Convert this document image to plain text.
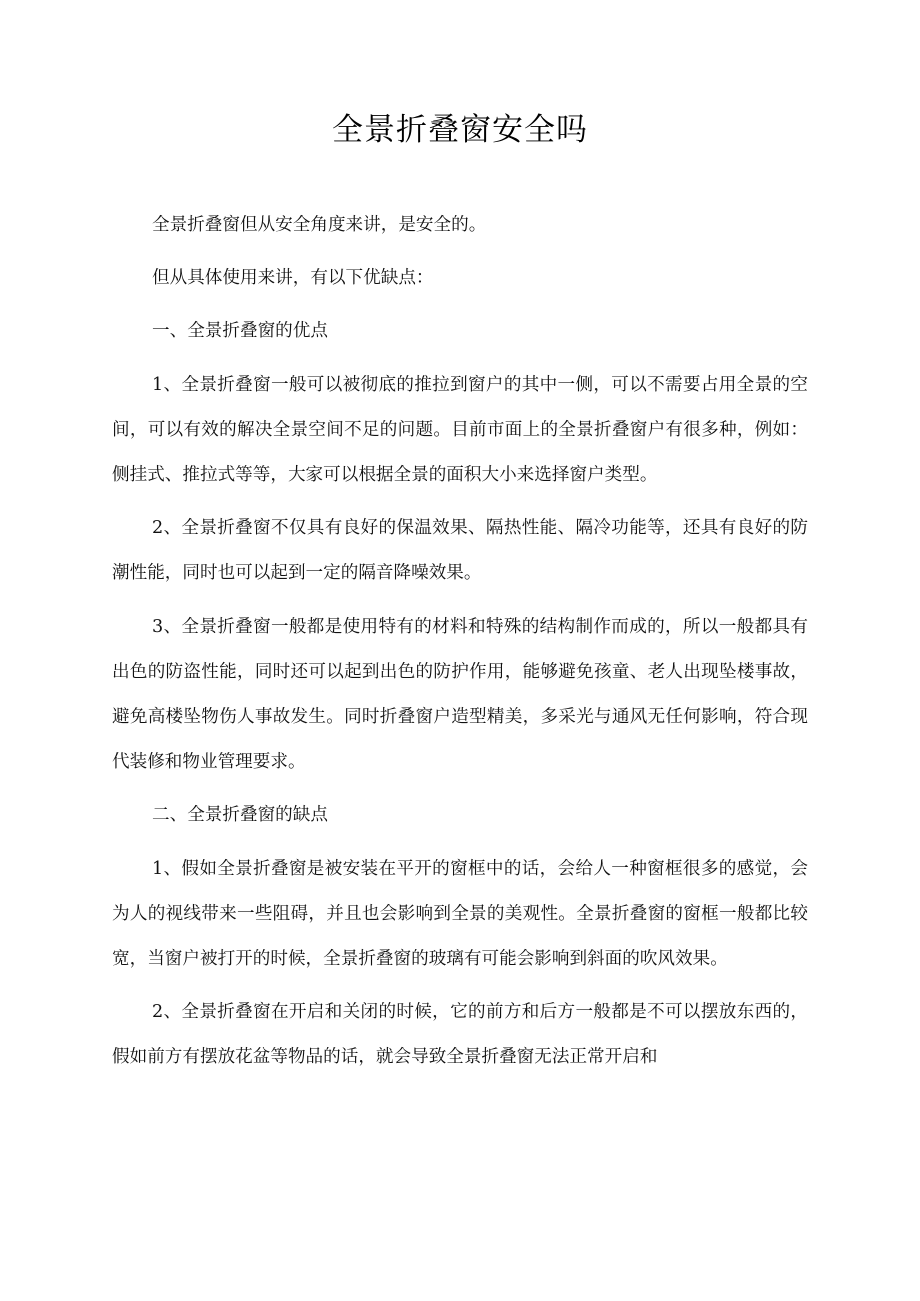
全景折叠窗安全吗

全景折叠窗但从安全角度来讲，是安全的。

但从具体使用来讲，有以下优缺点：

一、全景折叠窗的优点

1、全景折叠窗一般可以被彻底的推拉到窗户的其中一侧，可以不需要占用全景的空间，可以有效的解决全景空间不足的问题。目前市面上的全景折叠窗户有很多种，例如：侧挂式、推拉式等等，大家可以根据全景的面积大小来选择窗户类型。

2、全景折叠窗不仅具有良好的保温效果、隔热性能、隔冷功能等，还具有良好的防潮性能，同时也可以起到一定的隔音降噪效果。

3、全景折叠窗一般都是使用特有的材料和特殊的结构制作而成的，所以一般都具有出色的防盗性能，同时还可以起到出色的防护作用，能够避免孩童、老人出现坠楼事故，避免高楼坠物伤人事故发生。同时折叠窗户造型精美，多采光与通风无任何影响，符合现代装修和物业管理要求。

二、全景折叠窗的缺点

1、假如全景折叠窗是被安装在平开的窗框中的话，会给人一种窗框很多的感觉，会为人的视线带来一些阻碍，并且也会影响到全景的美观性。全景折叠窗的窗框一般都比较宽，当窗户被打开的时候，全景折叠窗的玻璃有可能会影响到斜面的吹风效果。

2、全景折叠窗在开启和关闭的时候，它的前方和后方一般都是不可以摆放东西的，假如前方有摆放花盆等物品的话，就会导致全景折叠窗无法正常开启和
